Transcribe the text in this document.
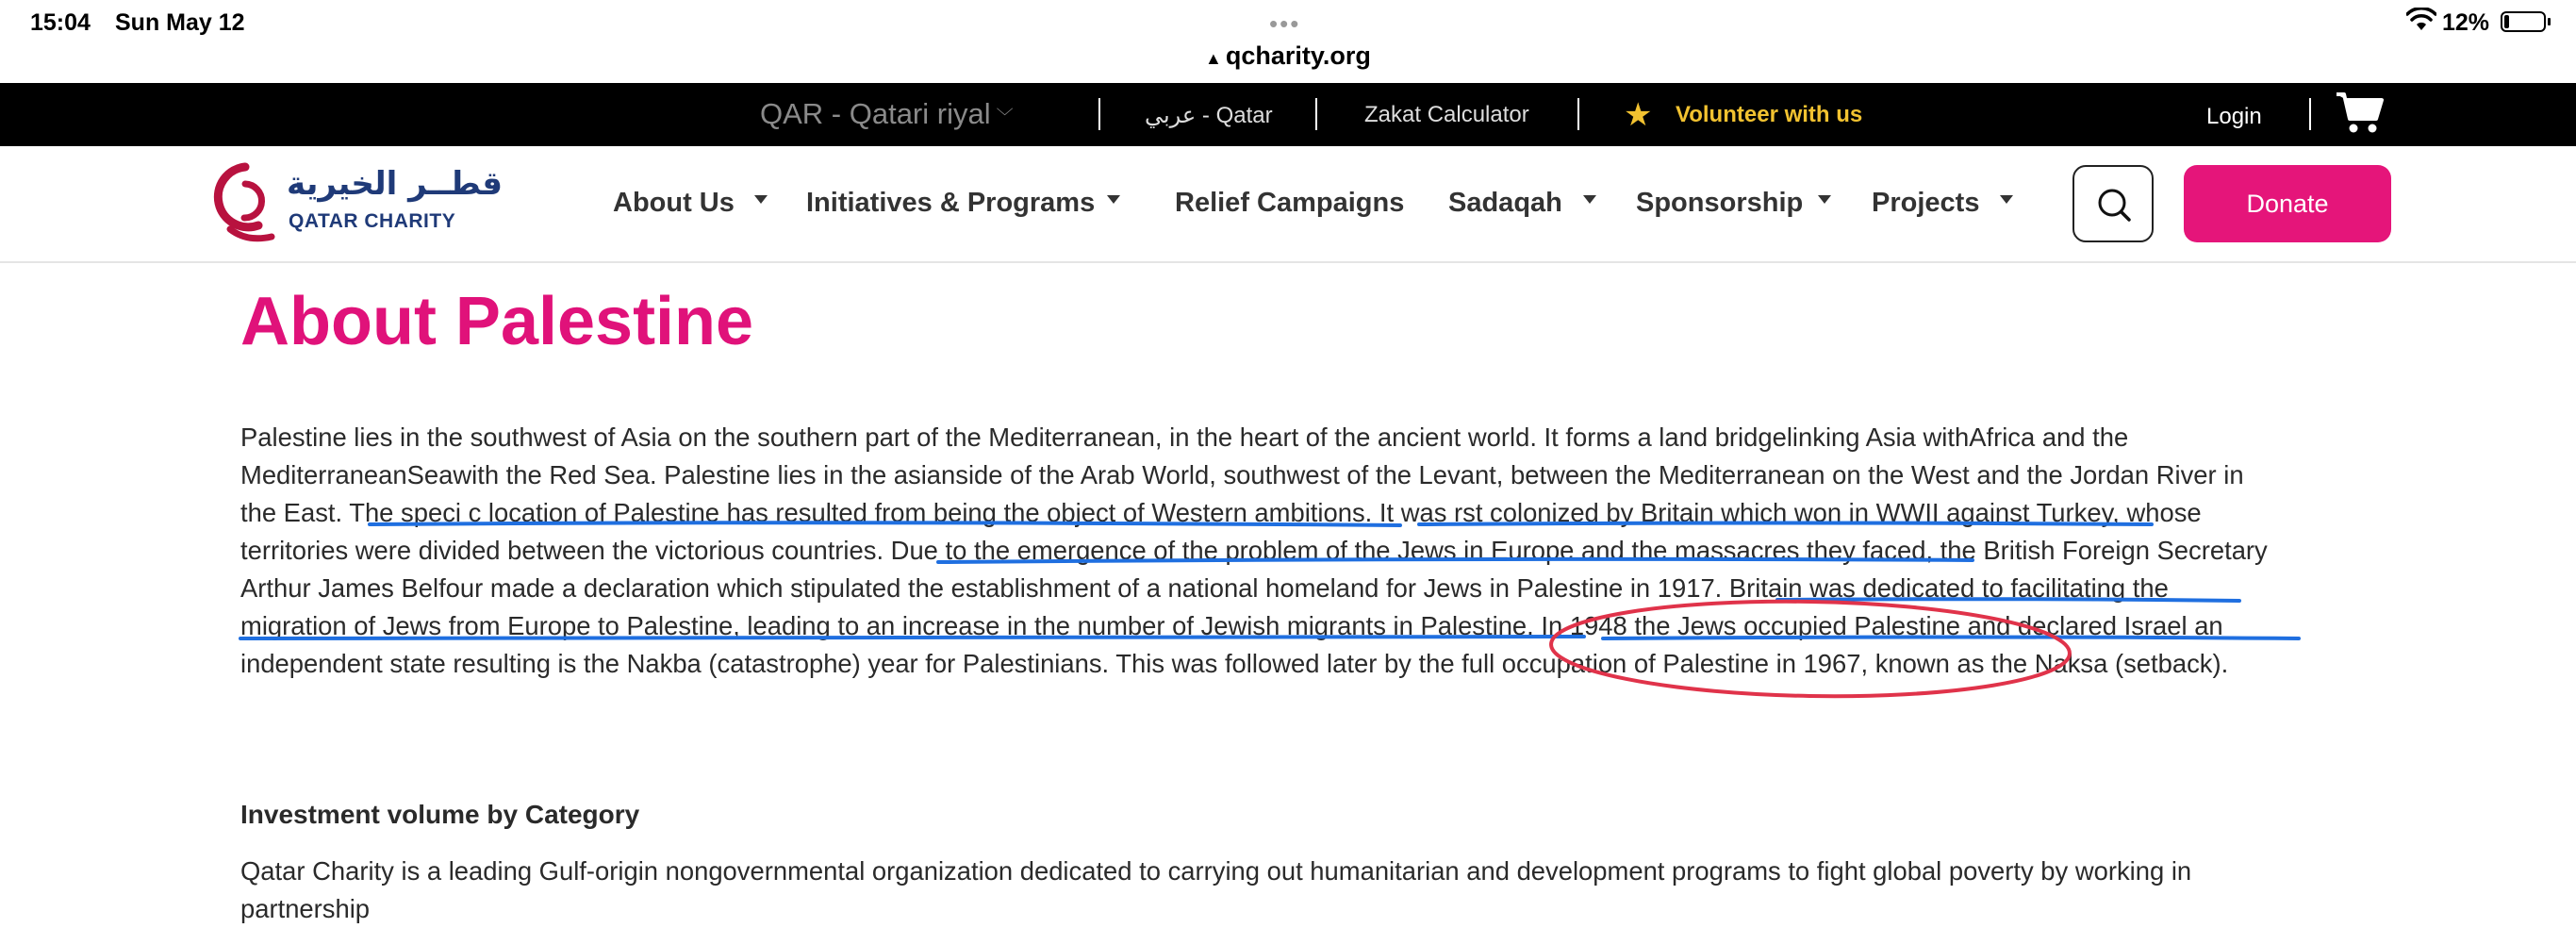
15:04 Sun May 12	•••
▲ qcharity.org
12%
QAR - Qatari riyal ﹀	عربي - Qatar	Zakat Calculator	★ Volunteer with us	Login
قطــر الخيرية
QATAR CHARITY
About Us	Initiatives & Programs	Relief Campaigns Sadaqah	Sponsorship	Projects	Donate
About Palestine
Palestine lies in the southwest of Asia on the southern part of the Mediterranean, in the heart of the ancient world. It forms a land bridgelinking Asia withAfrica and the
MediterraneanSeawith the Red Sea. Palestine lies in the asianside of the Arab World, southwest of the Levant, between the Mediterranean on the West and the Jordan River in
the East. The speci c location of Palestine has resulted from being the object of Western ambitions. It was rst colonized by Britain which won in WWII against Turkey, whose
territories were divided between the victorious countries. Due to the emergence of the problem of the Jews in Europe and the massacres they faced, the British Foreign Secretary
Arthur James Belfour made a declaration which stipulated the establishment of a national homeland for Jews in Palestine in 1917. Britain was dedicated to facilitating the
migration of Jews from Europe to Palestine, leading to an increase in the number of Jewish migrants in Palestine. In 1948 the Jews occupied Palestine and declared Israel an
independent state resulting is the Nakba (catastrophe) year for Palestinians. This was followed later by the full occupation of Palestine in 1967, known as the Naksa (setback).
Investment volume by Category
Qatar Charity is a leading Gulf-origin nongovernmental organization dedicated to carrying out humanitarian and development programs to fight global poverty by working in
partnership
